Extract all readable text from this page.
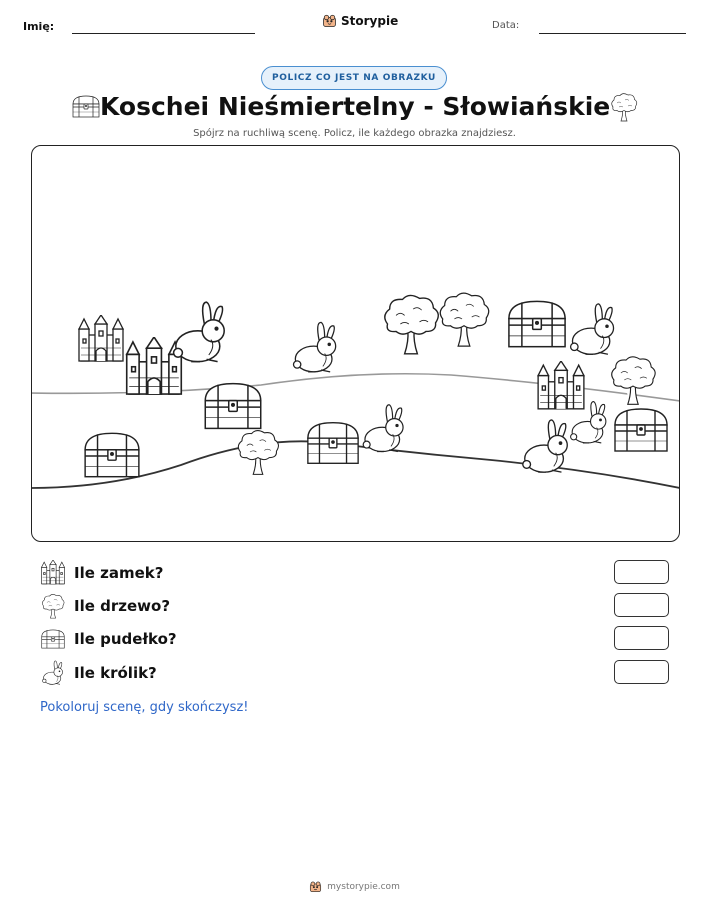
Imię:	Storypie	Data:
POLICZ CO JEST NA OBRAZKU
Koschei Nieśmiertelny - Słowiańskie
Spójrz na ruchliwą scenę. Policz, ile każdego obrazka znajdziesz.
Ile zamek?
Ile drzewo?
Ile pudełko?
Ile królik?
Pokoloruj scenę, gdy skończysz!
mystorypie.com
